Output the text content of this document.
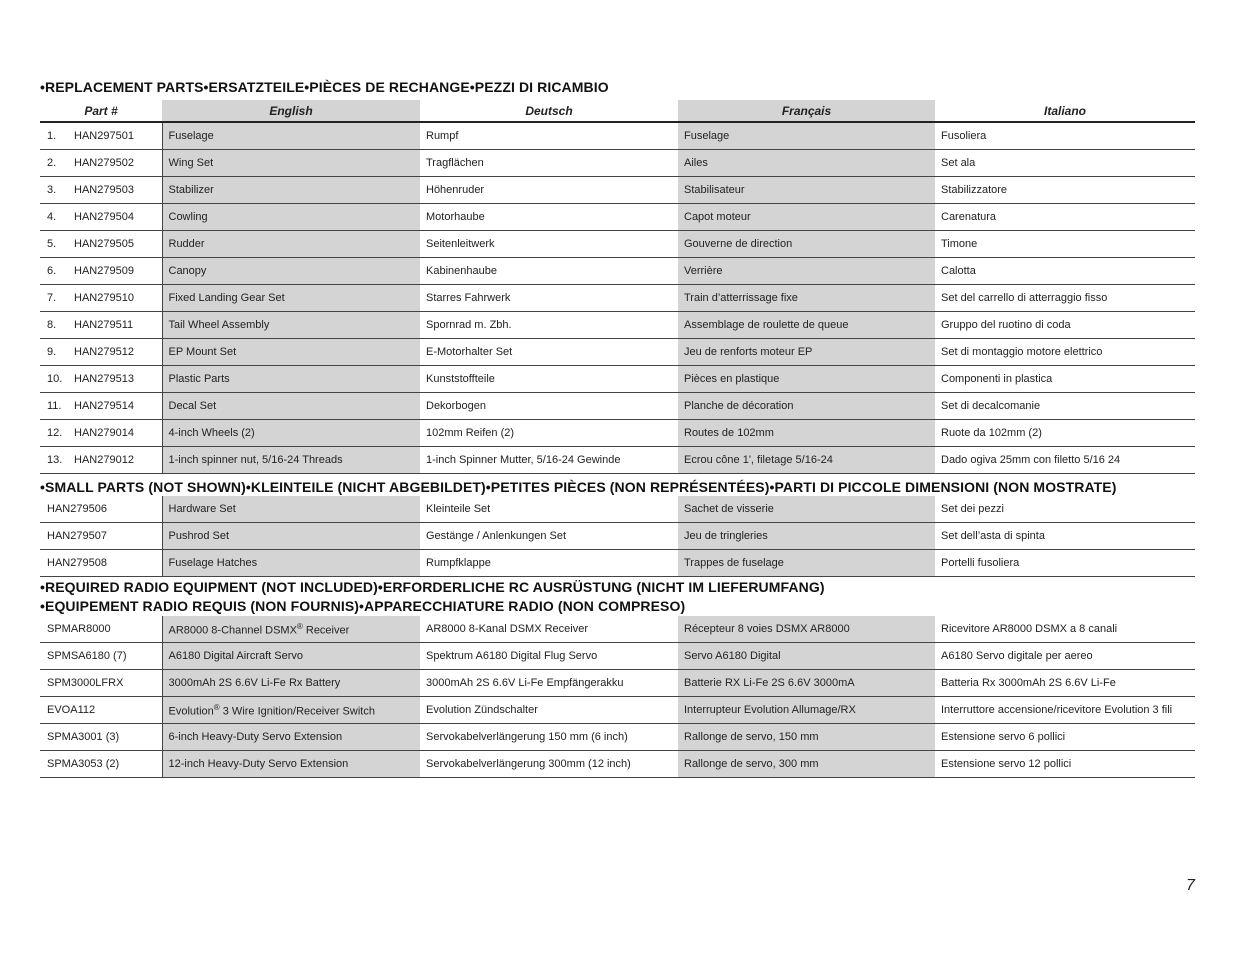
•REPLACEMENT PARTS•ERSATZTEILE•PIÈCES DE RECHANGE•PEZZI DI RICAMBIO
Part #	English	Deutsch	Français	Italiano
1. HAN297501	Fuselage	Rumpf	Fuselage	Fusoliera
2. HAN279502	Wing Set	Tragflächen	Ailes	Set ala
3. HAN279503	Stabilizer	Höhenruder	Stabilisateur	Stabilizzatore
4. HAN279504	Cowling	Motorhaube	Capot moteur	Carenatura
5. HAN279505	Rudder	Seitenleitwerk	Gouverne de direction	Timone
6. HAN279509	Canopy	Kabinenhaube	Verrière	Calotta
7. HAN279510	Fixed Landing Gear Set	Starres Fahrwerk	Train d’atterrissage fixe	Set del carrello di atterraggio fisso
8. HAN279511	Tail Wheel Assembly	Spornrad m. Zbh.	Assemblage de roulette de queue	Gruppo del ruotino di coda
9. HAN279512	EP Mount Set	E-Motorhalter Set	Jeu de renforts moteur EP	Set di montaggio motore elettrico
10. HAN279513	Plastic Parts	Kunststoffteile	Pièces en plastique	Componenti in plastica
11. HAN279514	Decal Set	Dekorbogen	Planche de décoration	Set di decalcomanie
12. HAN279014	4-inch Wheels (2)	102mm Reifen (2)	Routes de 102mm	Ruote da 102mm (2)
13. HAN279012	1-inch spinner nut, 5/16-24 Threads	1-inch Spinner Mutter, 5/16-24 Gewinde	Ecrou cône 1', filetage 5/16-24	Dado ogiva 25mm con filetto 5/16 24
•SMALL PARTS (NOT SHOWN)•KLEINTEILE (NICHT ABGEBILDET)•PETITES PIÈCES (NON REPRÉSENTÉES)•PARTI DI PICCOLE DIMENSIONI (NON MOSTRATE)
HAN279506	Hardware Set	Kleinteile Set	Sachet de visserie	Set dei pezzi
HAN279507	Pushrod Set	Gestänge / Anlenkungen Set	Jeu de tringleries	Set dell’asta di spinta
HAN279508	Fuselage Hatches	Rumpfklappe	Trappes de fuselage	Portelli fusoliera
•REQUIRED RADIO EQUIPMENT (NOT INCLUDED)•ERFORDERLICHE RC AUSRÜSTUNG (NICHT IM LIEFERUMFANG)
•EQUIPEMENT RADIO REQUIS (NON FOURNIS)•APPARECCHIATURE RADIO (NON COMPRESO)
SPMAR8000	AR8000 8-Channel DSMX® Receiver	AR8000 8-Kanal DSMX Receiver	Récepteur 8 voies DSMX AR8000	Ricevitore AR8000 DSMX a 8 canali
SPMSA6180 (7)	A6180 Digital Aircraft Servo	Spektrum A6180 Digital Flug Servo	Servo A6180 Digital	A6180 Servo digitale per aereo
SPM3000LFRX	3000mAh 2S 6.6V Li-Fe Rx Battery	3000mAh 2S 6.6V Li-Fe Empfängerakku	Batterie RX Li-Fe 2S 6.6V 3000mA	Batteria Rx 3000mAh 2S 6.6V Li-Fe
EVOA112	Evolution® 3 Wire Ignition/Receiver Switch	Evolution Zündschalter	Interrupteur Evolution Allumage/RX	Interruttore accensione/ricevitore Evolution 3 fili
SPMA3001 (3)	6-inch Heavy-Duty Servo Extension	Servokabelverlängerung 150 mm (6 inch)	Rallonge de servo, 150 mm	Estensione servo 6 pollici
SPMA3053 (2)	12-inch Heavy-Duty Servo Extension	Servokabelverlängerung 300mm (12 inch)	Rallonge de servo, 300 mm	Estensione servo 12 pollici
7
